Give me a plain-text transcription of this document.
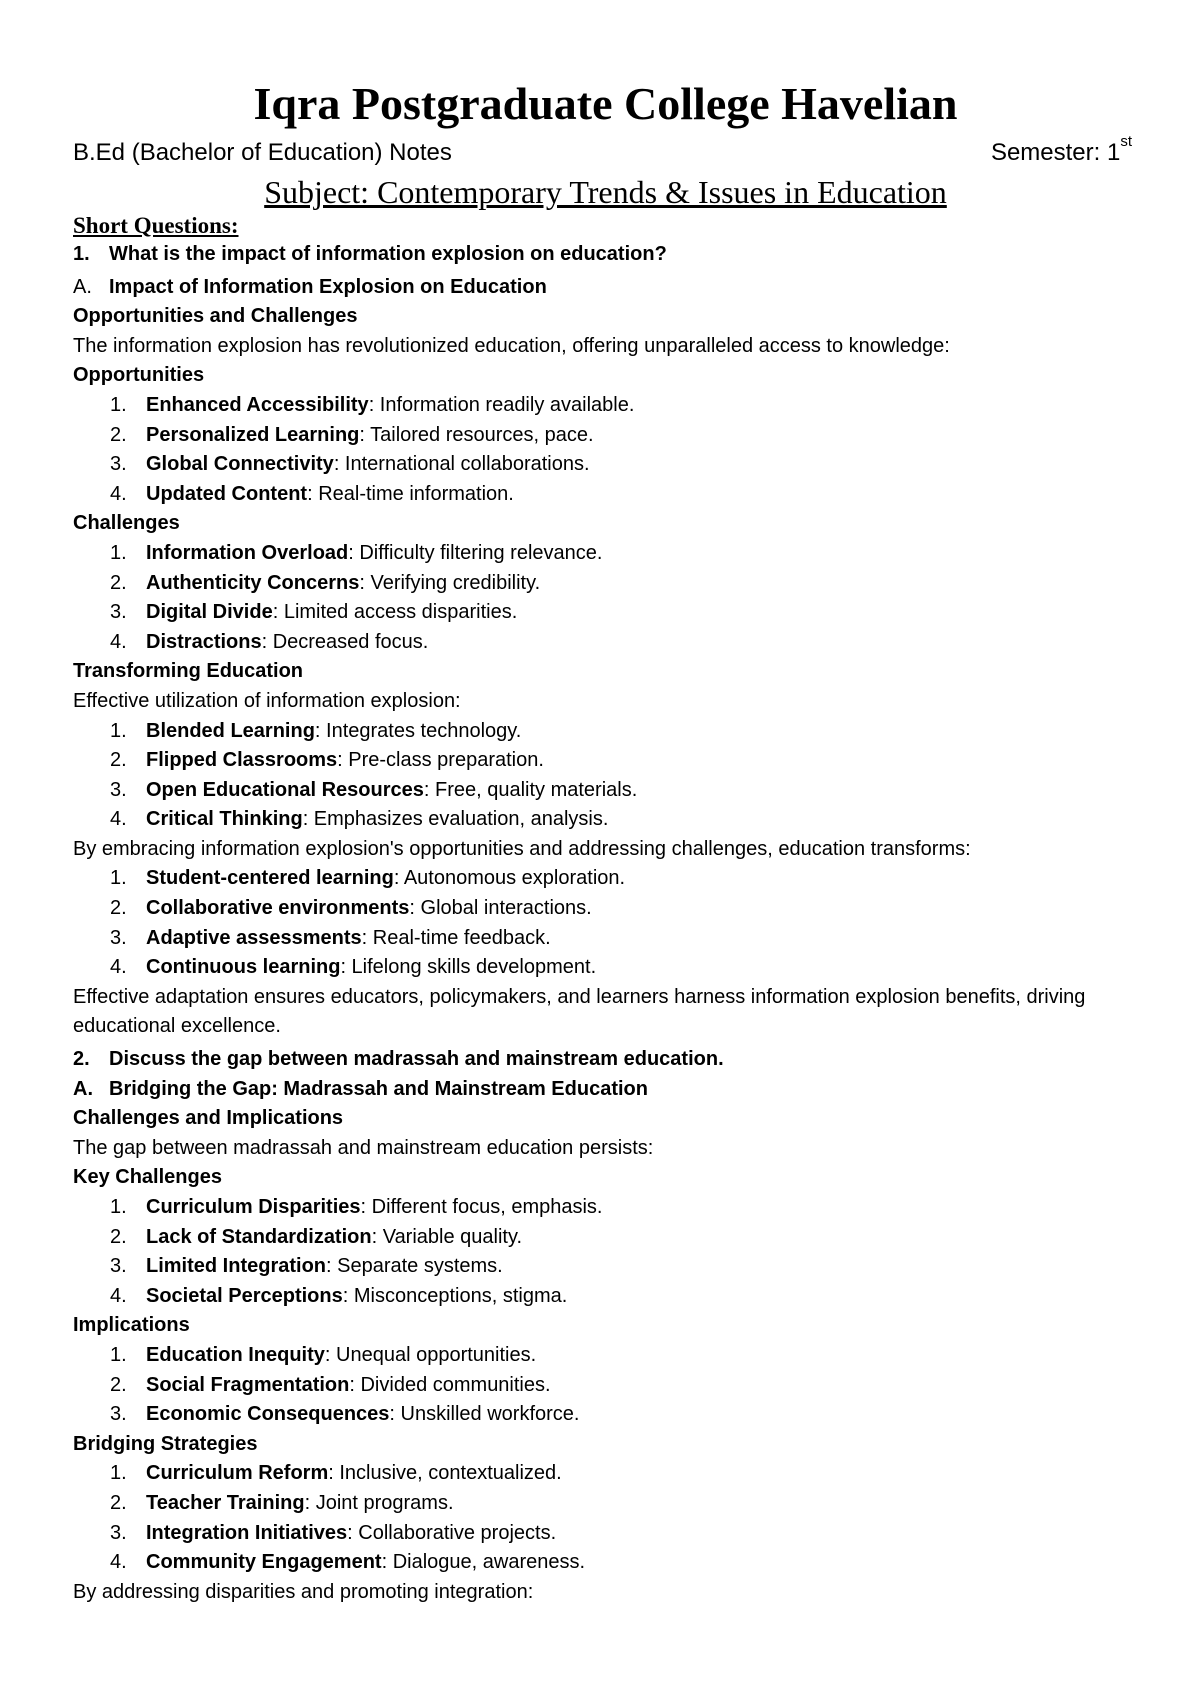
Iqra Postgraduate College Havelian
B.Ed (Bachelor of Education) Notes	Semester: 1st
Subject: Contemporary Trends & Issues in Education
Short Questions:
1. What is the impact of information explosion on education?
A. Impact of Information Explosion on Education
Opportunities and Challenges
The information explosion has revolutionized education, offering unparalleled access to knowledge:
Opportunities
1. Enhanced Accessibility: Information readily available.
2. Personalized Learning: Tailored resources, pace.
3. Global Connectivity: International collaborations.
4. Updated Content: Real-time information.
Challenges
1. Information Overload: Difficulty filtering relevance.
2. Authenticity Concerns: Verifying credibility.
3. Digital Divide: Limited access disparities.
4. Distractions: Decreased focus.
Transforming Education
Effective utilization of information explosion:
1. Blended Learning: Integrates technology.
2. Flipped Classrooms: Pre-class preparation.
3. Open Educational Resources: Free, quality materials.
4. Critical Thinking: Emphasizes evaluation, analysis.
By embracing information explosion's opportunities and addressing challenges, education transforms:
1. Student-centered learning: Autonomous exploration.
2. Collaborative environments: Global interactions.
3. Adaptive assessments: Real-time feedback.
4. Continuous learning: Lifelong skills development.
Effective adaptation ensures educators, policymakers, and learners harness information explosion benefits, driving educational excellence.
2. Discuss the gap between madrassah and mainstream education.
A. Bridging the Gap: Madrassah and Mainstream Education
Challenges and Implications
The gap between madrassah and mainstream education persists:
Key Challenges
1. Curriculum Disparities: Different focus, emphasis.
2. Lack of Standardization: Variable quality.
3. Limited Integration: Separate systems.
4. Societal Perceptions: Misconceptions, stigma.
Implications
1. Education Inequity: Unequal opportunities.
2. Social Fragmentation: Divided communities.
3. Economic Consequences: Unskilled workforce.
Bridging Strategies
1. Curriculum Reform: Inclusive, contextualized.
2. Teacher Training: Joint programs.
3. Integration Initiatives: Collaborative projects.
4. Community Engagement: Dialogue, awareness.
By addressing disparities and promoting integration:
